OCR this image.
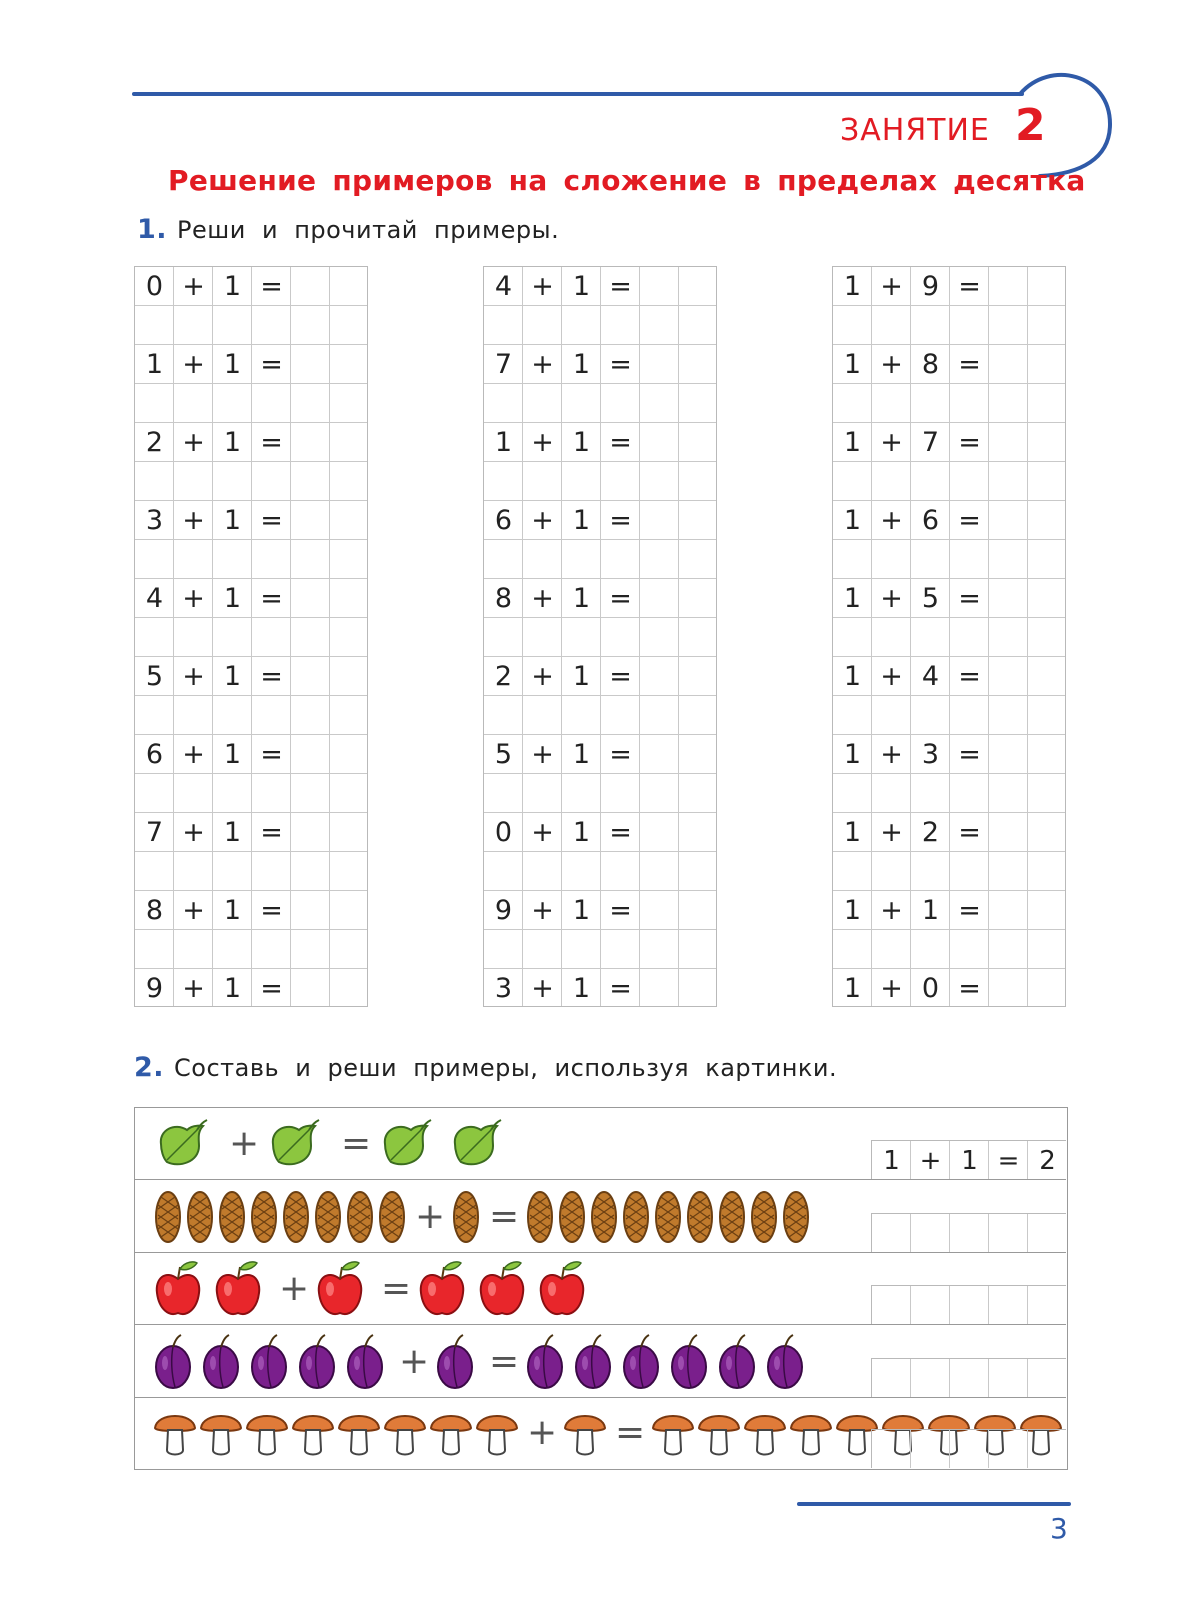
ЗАНЯТИЕ 2
Решение примеров на сложение в пределах десятка
1. Реши и прочитай примеры.
0 + 1 =
1 + 1 =
2 + 1 =
3 + 1 =
4 + 1 =
5 + 1 =
6 + 1 =
7 + 1 =
8 + 1 =
9 + 1 =
4 + 1 =
7 + 1 =
1 + 1 =
6 + 1 =
8 + 1 =
2 + 1 =
5 + 1 =
0 + 1 =
9 + 1 =
3 + 1 =
1 + 9 =
1 + 8 =
1 + 7 =
1 + 6 =
1 + 5 =
1 + 4 =
1 + 3 =
1 + 2 =
1 + 1 =
1 + 0 =
2. Составь и реши примеры, используя картинки.
+ =	1 + 1 = 2
+ =
+ =
+ =
+ =
3
